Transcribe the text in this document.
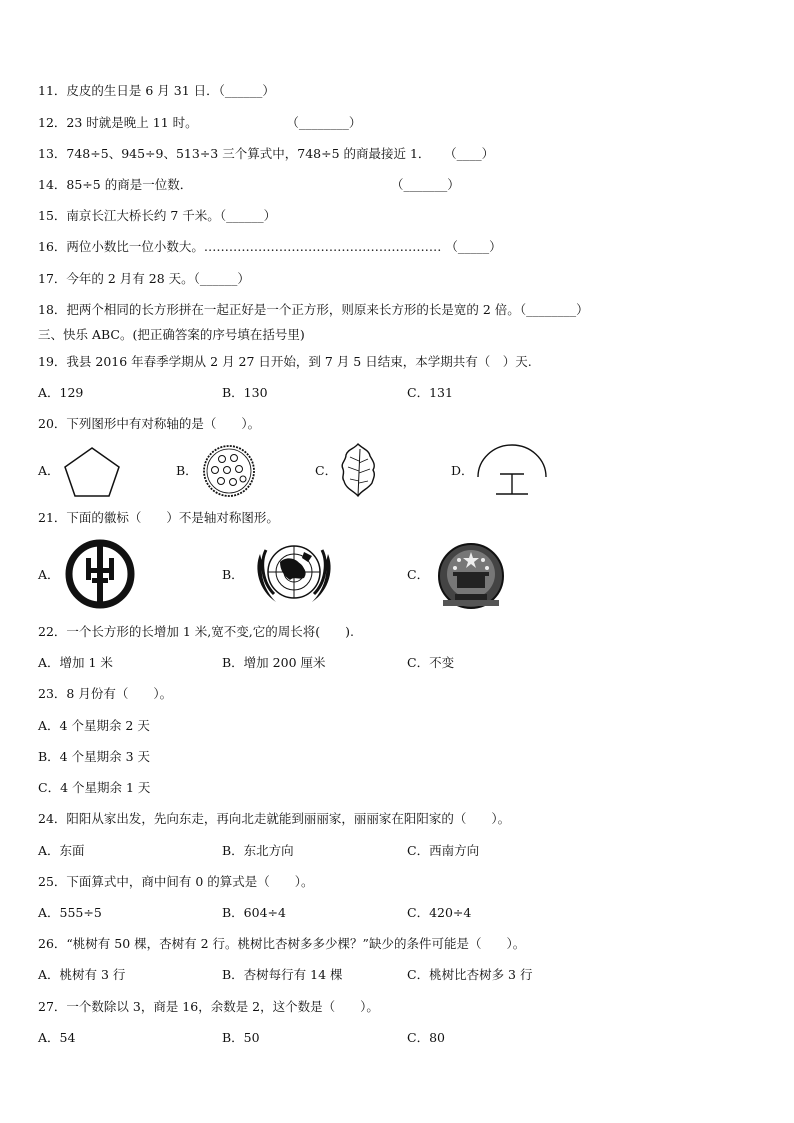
11．皮皮的生日是 6 月 31 日．（______）
12．23 时就是晚上 11 时。	（________）
13．748÷5、945÷9、513÷3 三个算式中，748÷5 的商最接近 1． （____）
14．85÷5 的商是一位数．	（_______）
15．南京长江大桥长约 7 千米。（______）
16．两位小数比一位小数大。………………………………………………… （_____）
17．今年的 2 月有 28 天。（______）
18．把两个相同的长方形拼在一起正好是一个正方形，则原来长方形的长是宽的 2 倍。（________）
三、快乐 ABC。(把正确答案的序号填在括号里)
19．我县 2016 年春季学期从 2 月 27 日开始，到 7 月 5 日结束，本学期共有（　）天.
A．129	B．130	C．131
20．下列图形中有对称轴的是（　　）。
A．	B．	C．	D．
21．下面的徽标（　　）不是轴对称图形。
A．	B．	C．
22．一个长方形的长增加 1 米,宽不变,它的周长将(　　).
A．增加 1 米	B．增加 200 厘米	C．不变
23．8 月份有（　　）。
A．4 个星期余 2 天
B．4 个星期余 3 天
C．4 个星期余 1 天
24．阳阳从家出发，先向东走，再向北走就能到丽丽家，丽丽家在阳阳家的（　　）。
A．东面	B．东北方向	C．西南方向
25．下面算式中，商中间有 0 的算式是（　　）。
A．555÷5	B．604÷4	C．420÷4
26．“桃树有 50 棵，杏树有 2 行。桃树比杏树多多少棵？”缺少的条件可能是（　　）。
A．桃树有 3 行	B．杏树每行有 14 棵	C．桃树比杏树多 3 行
27．一个数除以 3，商是 16，余数是 2，这个数是（　　）。
A．54	B．50	C．80
